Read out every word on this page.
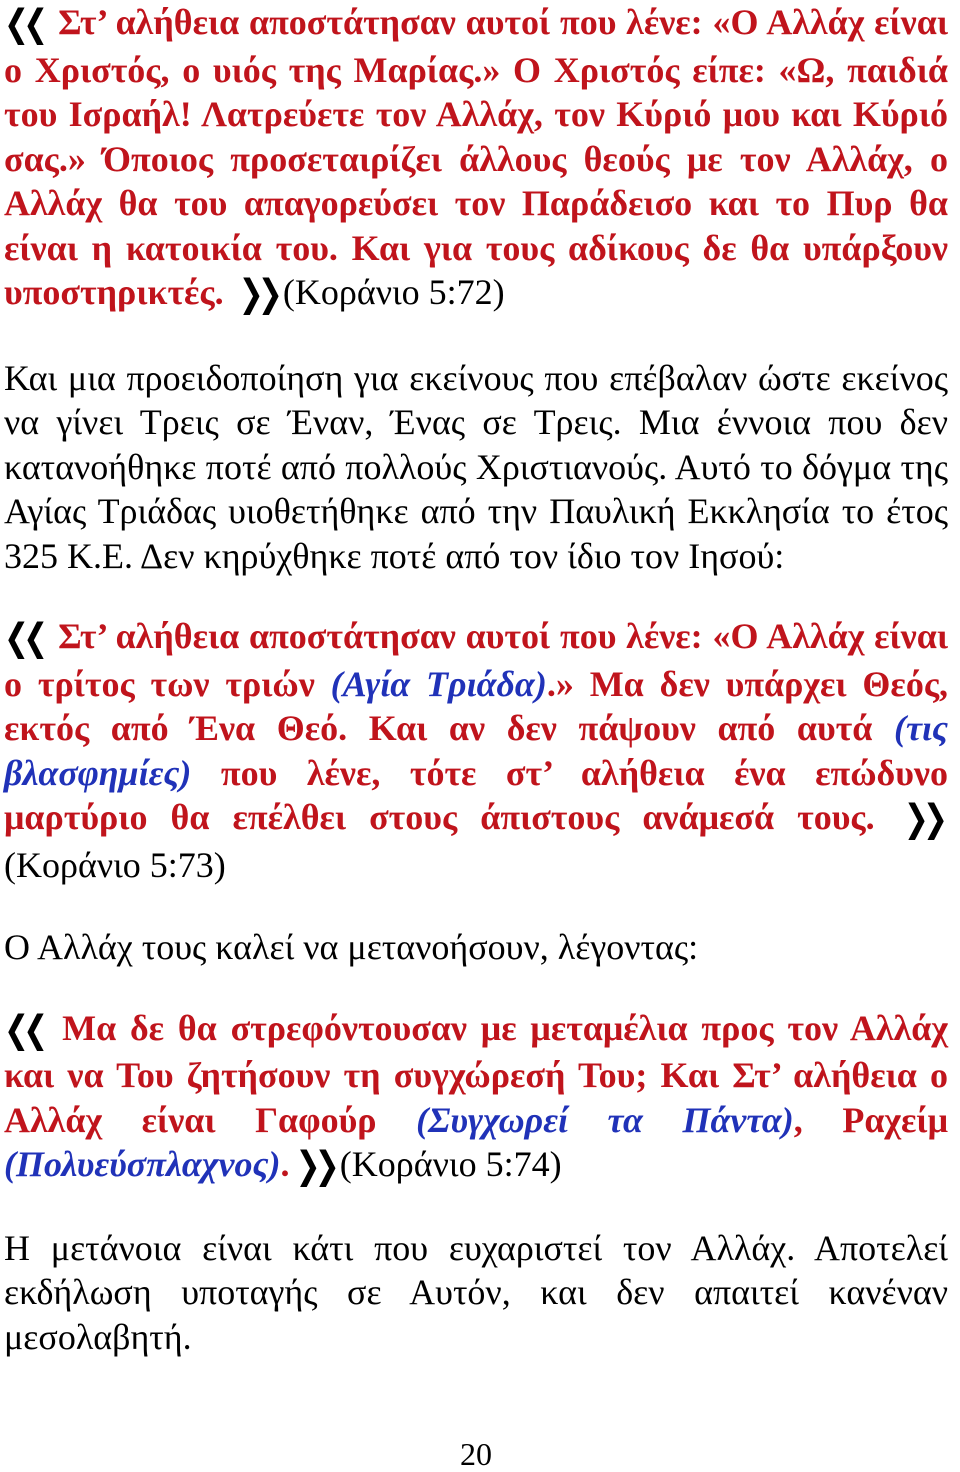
❮❮ Στ’ αλήθεια αποστάτησαν αυτοί που λένε: «Ο Αλλάχ είναι ο Χριστός, ο υιός της Μαρίας.» Ο Χριστός είπε: «Ω, παιδιά του Ισραήλ! Λατρεύετε τον Αλλάχ, τον Κύριό μου και Κύριό σας.» Όποιος προσεταιρίζει άλλους θεούς με τον Αλλάχ, ο Αλλάχ θα του απαγορεύσει τον Παράδεισο και το Πυρ θα είναι η κατοικία του. Και για τους αδίκους δε θα υπάρξουν υποστηρικτές. ❯❯ (Κοράνιο 5:72)

Και μια προειδοποίηση για εκείνους που επέβαλαν ώστε εκείνος να γίνει Τρεις σε Έναν, Ένας σε Τρεις. Μια έννοια που δεν κατανοήθηκε ποτέ από πολλούς Χριστιανούς. Αυτό το δόγμα της Αγίας Τριάδας υιοθετήθηκε από την Παυλική Εκκλησία το έτος 325 Κ.Ε. Δεν κηρύχθηκε ποτέ από τον ίδιο τον Ιησού:

❮❮ Στ’ αλήθεια αποστάτησαν αυτοί που λένε: «Ο Αλλάχ είναι ο τρίτος των τριών (Αγία Τριάδα).» Μα δεν υπάρχει Θεός, εκτός από Ένα Θεό. Και αν δεν πάψουν από αυτά (τις βλασφημίες) που λένε, τότε στ’ αλήθεια ένα επώδυνο μαρτύριο θα επέλθει στους άπιστους ανάμεσά τους. ❯❯(Κοράνιο 5:73)

Ο Αλλάχ τους καλεί να μετανοήσουν, λέγοντας:

❮❮ Μα δε θα στρεφόντουσαν με μεταμέλια προς τον Αλλάχ και να Του ζητήσουν τη συγχώρεσή Του; Και Στ’ αλήθεια ο Αλλάχ είναι Γαφούρ (Συγχωρεί τα Πάντα), Ραχείμ (Πολυεύσπλαχνος). ❯❯ (Κοράνιο 5:74)

Η μετάνοια είναι κάτι που ευχαριστεί τον Αλλάχ. Αποτελεί εκδήλωση υποταγής σε Αυτόν, και δεν απαιτεί κανέναν μεσολαβητή.

20
